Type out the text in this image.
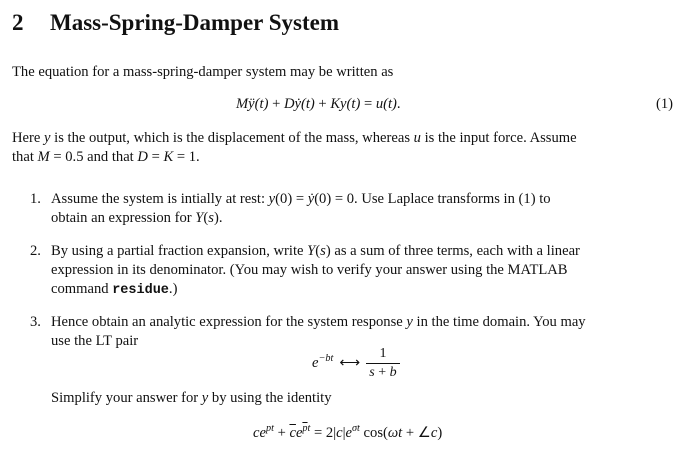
2 Mass-Spring-Damper System
The equation for a mass-spring-damper system may be written as
Mÿ(t) + Dẏ(t) + Ky(t) = u(t).	(1)
Here y is the output, which is the displacement of the mass, whereas u is the input force. Assume
that M = 0.5 and that D = K = 1.
1. Assume the system is intially at rest: y(0) = ẏ(0) = 0. Use Laplace transforms in (1) to
obtain an expression for Y(s).
2. By using a partial fraction expansion, write Y(s) as a sum of three terms, each with a linear
expression in its denominator. (You may wish to verify your answer using the MATLAB
command residue.)
3. Hence obtain an analytic expression for the system response y in the time domain. You may
use the LT pair
$e^{-bt}$ ⟷ $\frac{1}{s + b}$
Simplify your answer for y by using the identity
$ce^{pt} + \overline{c}e^{\overline{p}t} = 2|c|e^{\sigma t}$ cos(ωt + ∠c)
